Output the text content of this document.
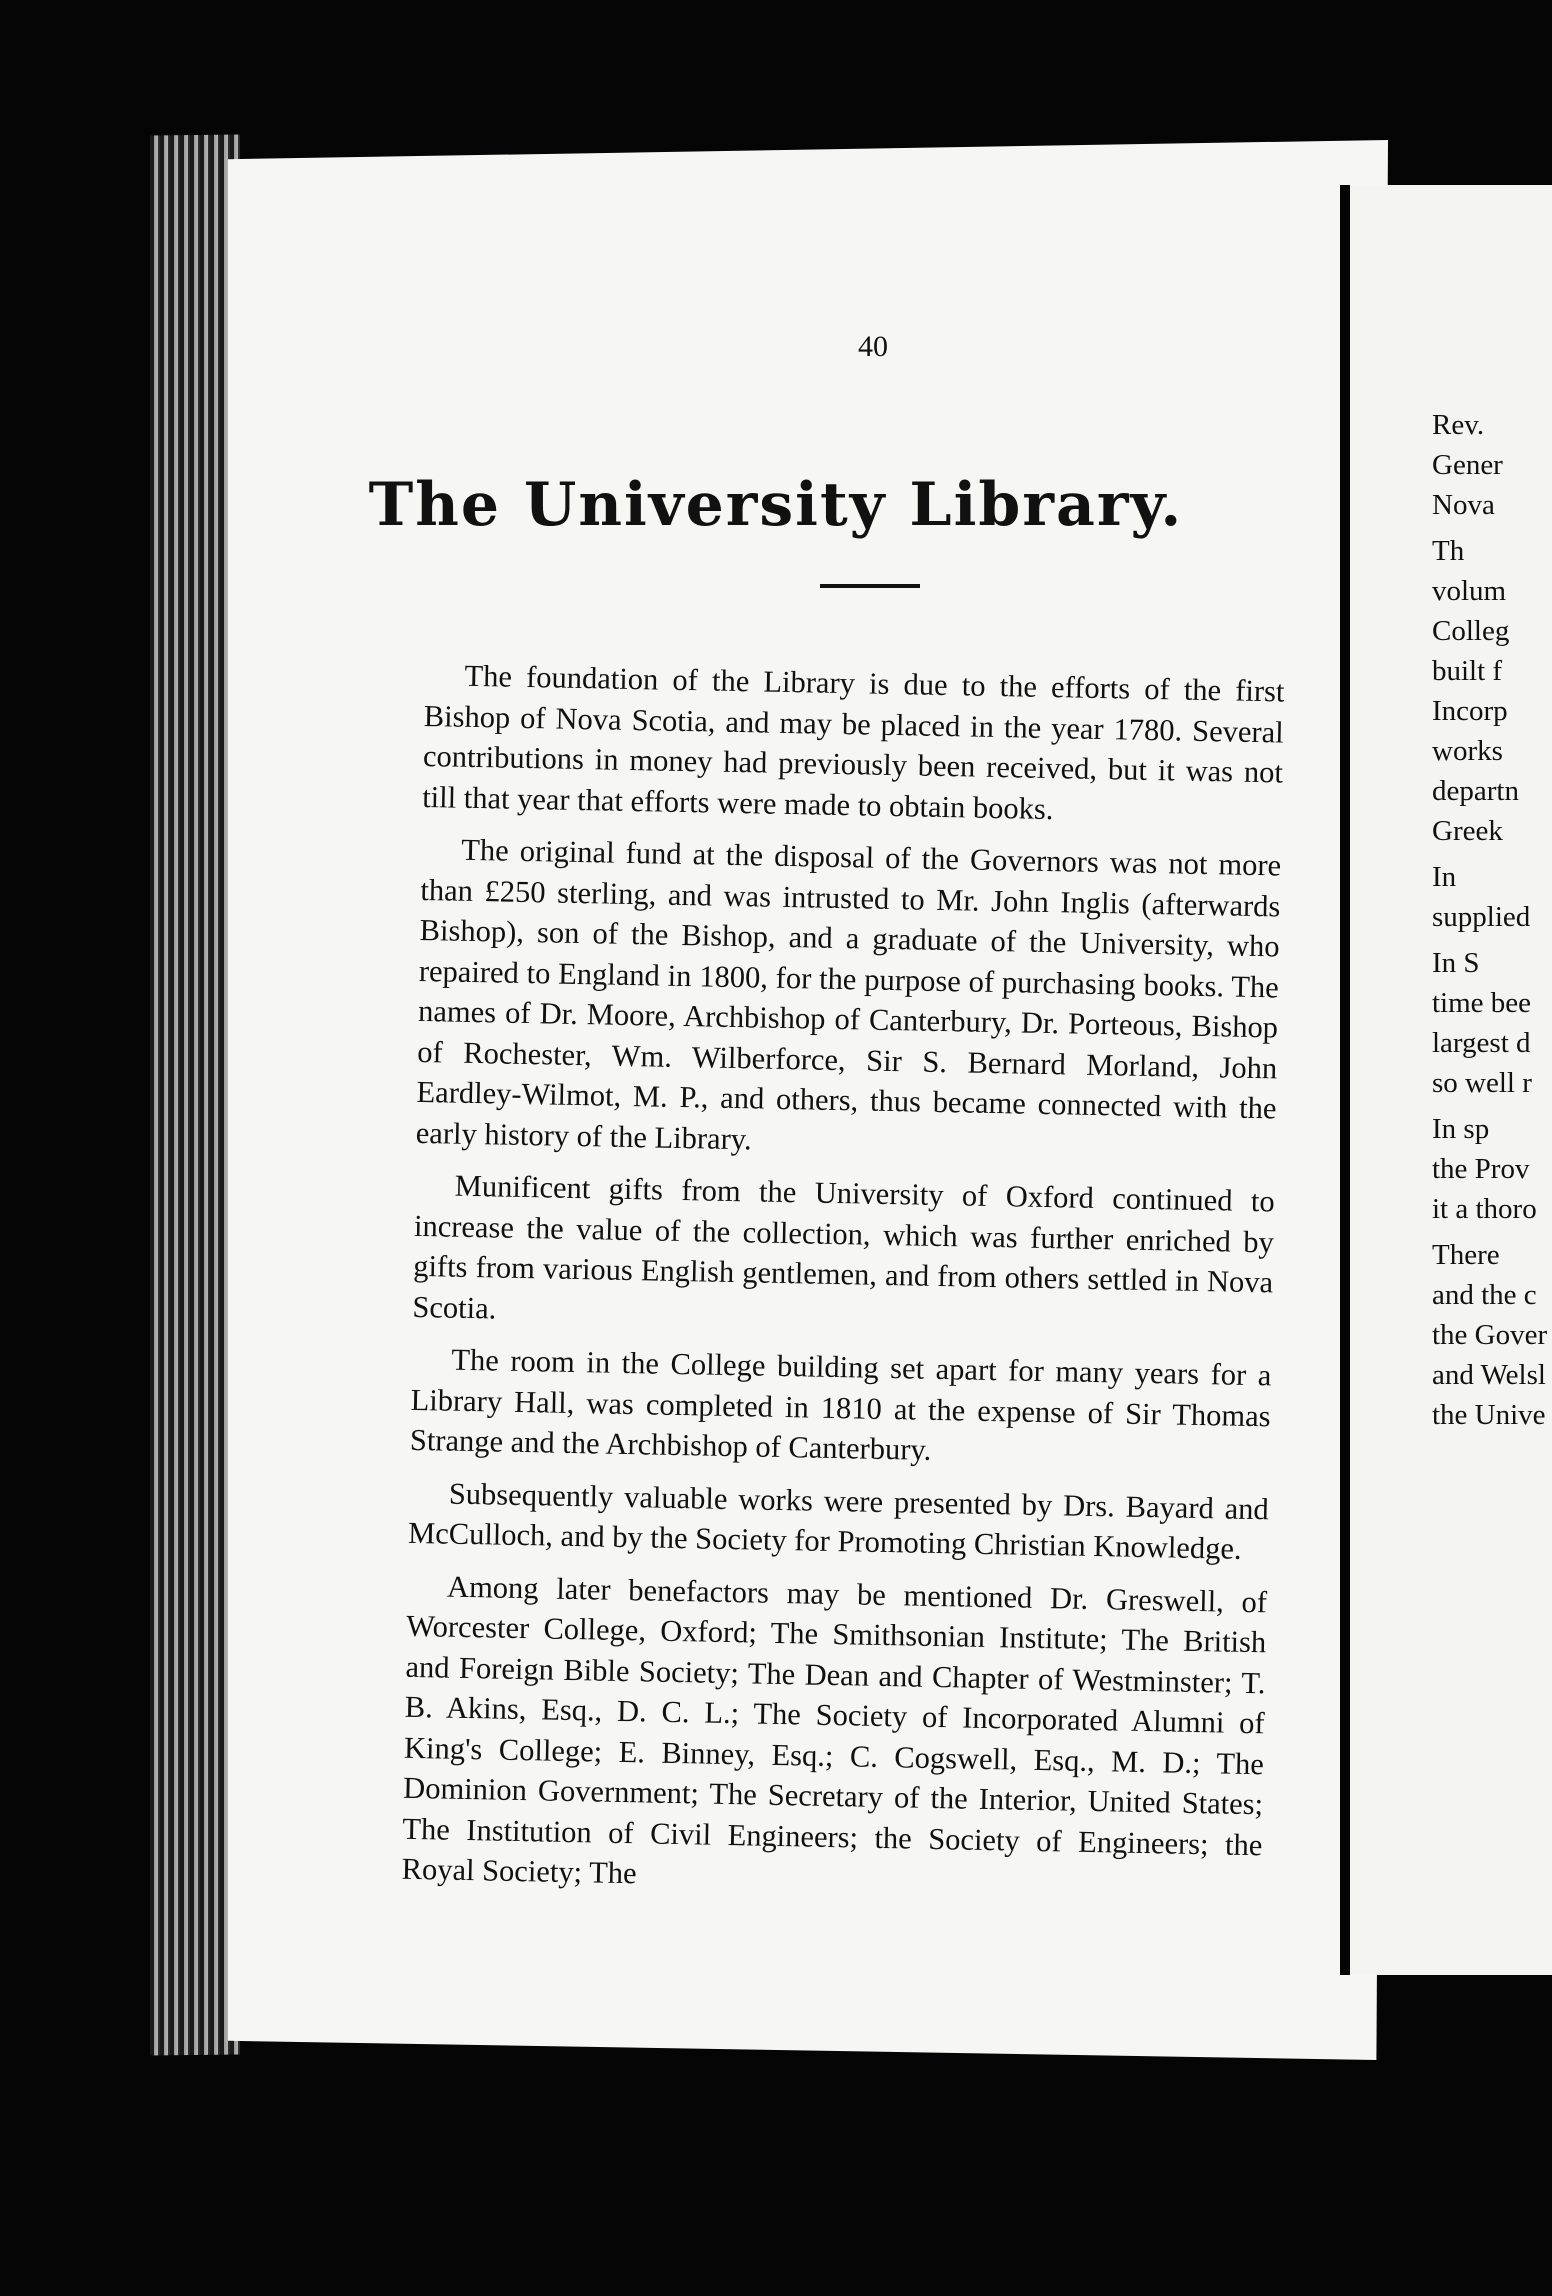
40
The University Library.

The foundation of the Library is due to the efforts of the first Bishop of Nova Scotia, and may be placed in the year 1780. Several contributions in money had previously been received, but it was not till that year that efforts were made to obtain books.

The original fund at the disposal of the Governors was not more than £250 sterling, and was intrusted to Mr. John Inglis (afterwards Bishop), son of the Bishop, and a graduate of the University, who repaired to England in 1800, for the purpose of purchasing books. The names of Dr. Moore, Archbishop of Canterbury, Dr. Porteous, Bishop of Rochester, Wm. Wilberforce, Sir S. Bernard Morland, John Eardley-Wilmot, M. P., and others, thus became connected with the early history of the Library.

Munificent gifts from the University of Oxford continued to increase the value of the collection, which was further enriched by gifts from various English gentlemen, and from others settled in Nova Scotia.

The room in the College building set apart for many years for a Library Hall, was completed in 1810 at the expense of Sir Thomas Strange and the Archbishop of Canterbury.

Subsequently valuable works were presented by Drs. Bayard and McCulloch, and by the Society for Promoting Christian Knowledge.

Among later benefactors may be mentioned Dr. Greswell, of Worcester College, Oxford; The Smithsonian Institute; The British and Foreign Bible Society; The Dean and Chapter of Westminster; T. B. Akins, Esq., D. C. L.; The Society of Incorporated Alumni of King's College; E. Binney, Esq.; C. Cogswell, Esq., M. D.; The Dominion Government; The Secretary of the Interior, United States; The Institution of Civil Engineers; the Society of Engineers; the Royal Society; The

Rev.
Gener
Nova
Th
volum
Colleg
built f
Incorp
works
departn
Greek
In
supplied
In S
time bee
largest d
so well r
In sp
the Prov
it a thoro
There
and the c
the Gover
and Welsl
the Unive
